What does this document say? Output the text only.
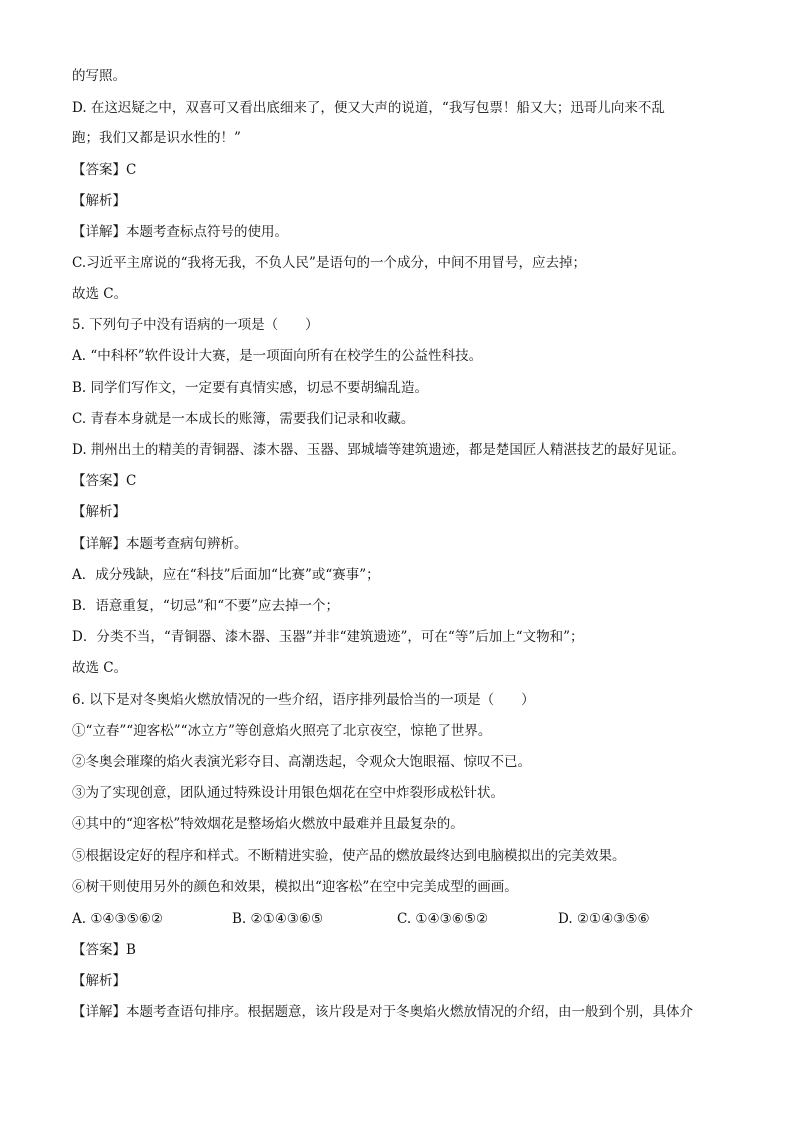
的写照。
D. 在这迟疑之中，双喜可又看出底细来了，便又大声的说道，“我写包票！船又大；迅哥儿向来不乱
跑；我们又都是识水性的！”
【答案】C
【解析】
【详解】本题考查标点符号的使用。
C.习近平主席说的“我将无我，不负人民”是语句的一个成分，中间不用冒号，应去掉；
故选 C。
5. 下列句子中没有语病的一项是（　　）
A. “中科杯”软件设计大赛，是一项面向所有在校学生的公益性科技。
B. 同学们写作文，一定要有真情实感，切忌不要胡编乱造。
C. 青春本身就是一本成长的账簿，需要我们记录和收藏。
D. 荆州出土的精美的青铜器、漆木器、玉器、郢城墙等建筑遗迹，都是楚国匠人精湛技艺的最好见证。
【答案】C
【解析】
【详解】本题考查病句辨析。
A．成分残缺，应在“科技”后面加“比赛”或“赛事”；
B．语意重复，“切忌”和“不要”应去掉一个；
D．分类不当，“青铜器、漆木器、玉器”并非“建筑遗迹”，可在“等”后加上“文物和”；
故选 C。
6. 以下是对冬奥焰火燃放情况的一些介绍，语序排列最恰当的一项是（　　）
①“立春”“迎客松”“冰立方”等创意焰火照亮了北京夜空，惊艳了世界。
②冬奥会璀璨的焰火表演光彩夺目、高潮迭起，令观众大饱眼福、惊叹不已。
③为了实现创意，团队通过特殊设计用银色烟花在空中炸裂形成松针状。
④其中的“迎客松”特效烟花是整场焰火燃放中最难并且最复杂的。
⑤根据设定好的程序和样式。不断精进实验，使产品的燃放最终达到电脑模拟出的完美效果。
⑥树干则使用另外的颜色和效果，模拟出“迎客松”在空中完美成型的画画。
A. ①④③⑤⑥②	B. ②①④③⑥⑤	C. ①④③⑥⑤②	D. ②①④③⑤⑥
【答案】B
【解析】
【详解】本题考查语句排序。根据题意，该片段是对于冬奥焰火燃放情况的介绍，由一般到个别，具体介
